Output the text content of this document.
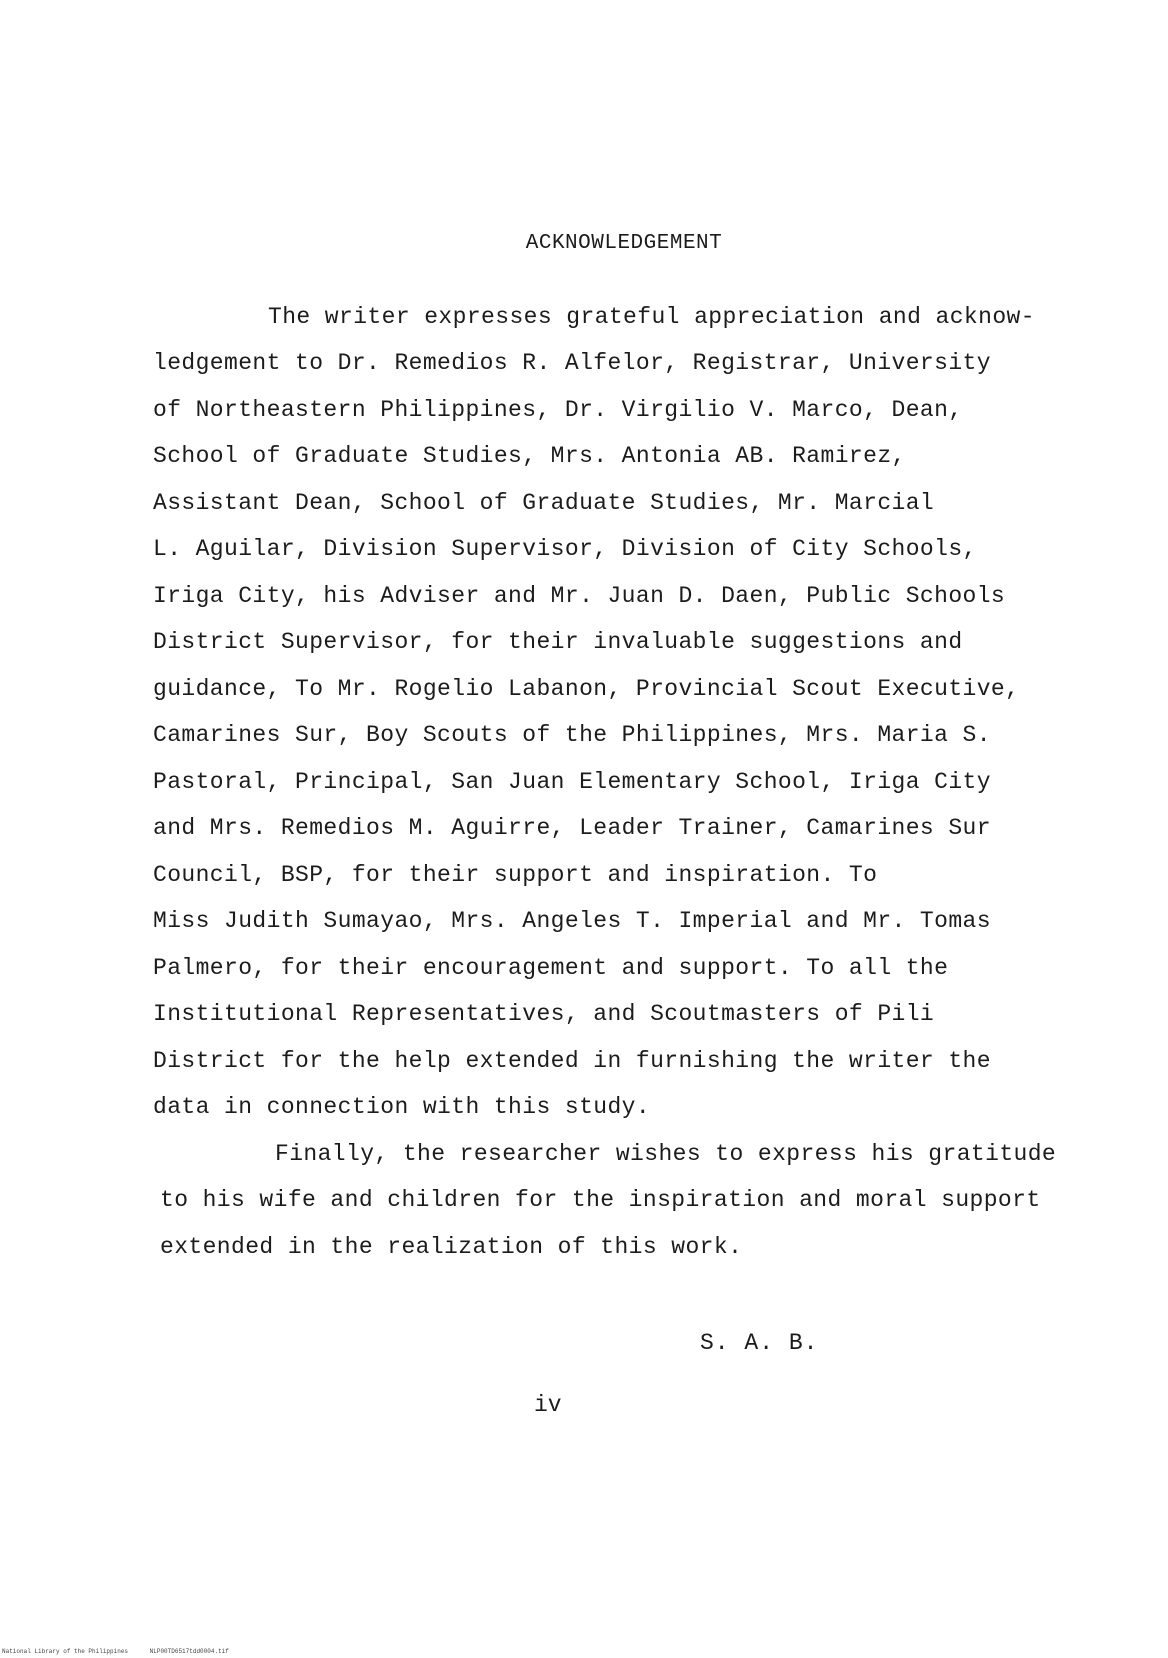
ACKNOWLEDGEMENT
The writer expresses grateful appreciation and acknow-
ledgement to Dr. Remedios R. Alfelor, Registrar, University
of Northeastern Philippines, Dr. Virgilio V. Marco, Dean,
School of Graduate Studies, Mrs. Antonia AB. Ramirez,
Assistant Dean, School of Graduate Studies, Mr. Marcial
L. Aguilar, Division Supervisor, Division of City Schools,
Iriga City, his Adviser and Mr. Juan D. Daen, Public Schools
District Supervisor, for their invaluable suggestions and
guidance, To Mr. Rogelio Labanon, Provincial Scout Executive,
Camarines Sur, Boy Scouts of the Philippines, Mrs. Maria S.
Pastoral, Principal, San Juan Elementary School, Iriga City
and Mrs. Remedios M. Aguirre, Leader Trainer, Camarines Sur
Council, BSP, for their support and inspiration. To
Miss Judith Sumayao, Mrs. Angeles T. Imperial and Mr. Tomas
Palmero, for their encouragement and support. To all the
Institutional Representatives, and Scoutmasters of Pili
District for the help extended in furnishing the writer the
data in connection with this study.
Finally, the researcher wishes to express his gratitude
to his wife and children for the inspiration and moral support
extended in the realization of this work.
S. A. B.
iv
National Library of the Philippines	NLP00TD6517tdd0004.tif
